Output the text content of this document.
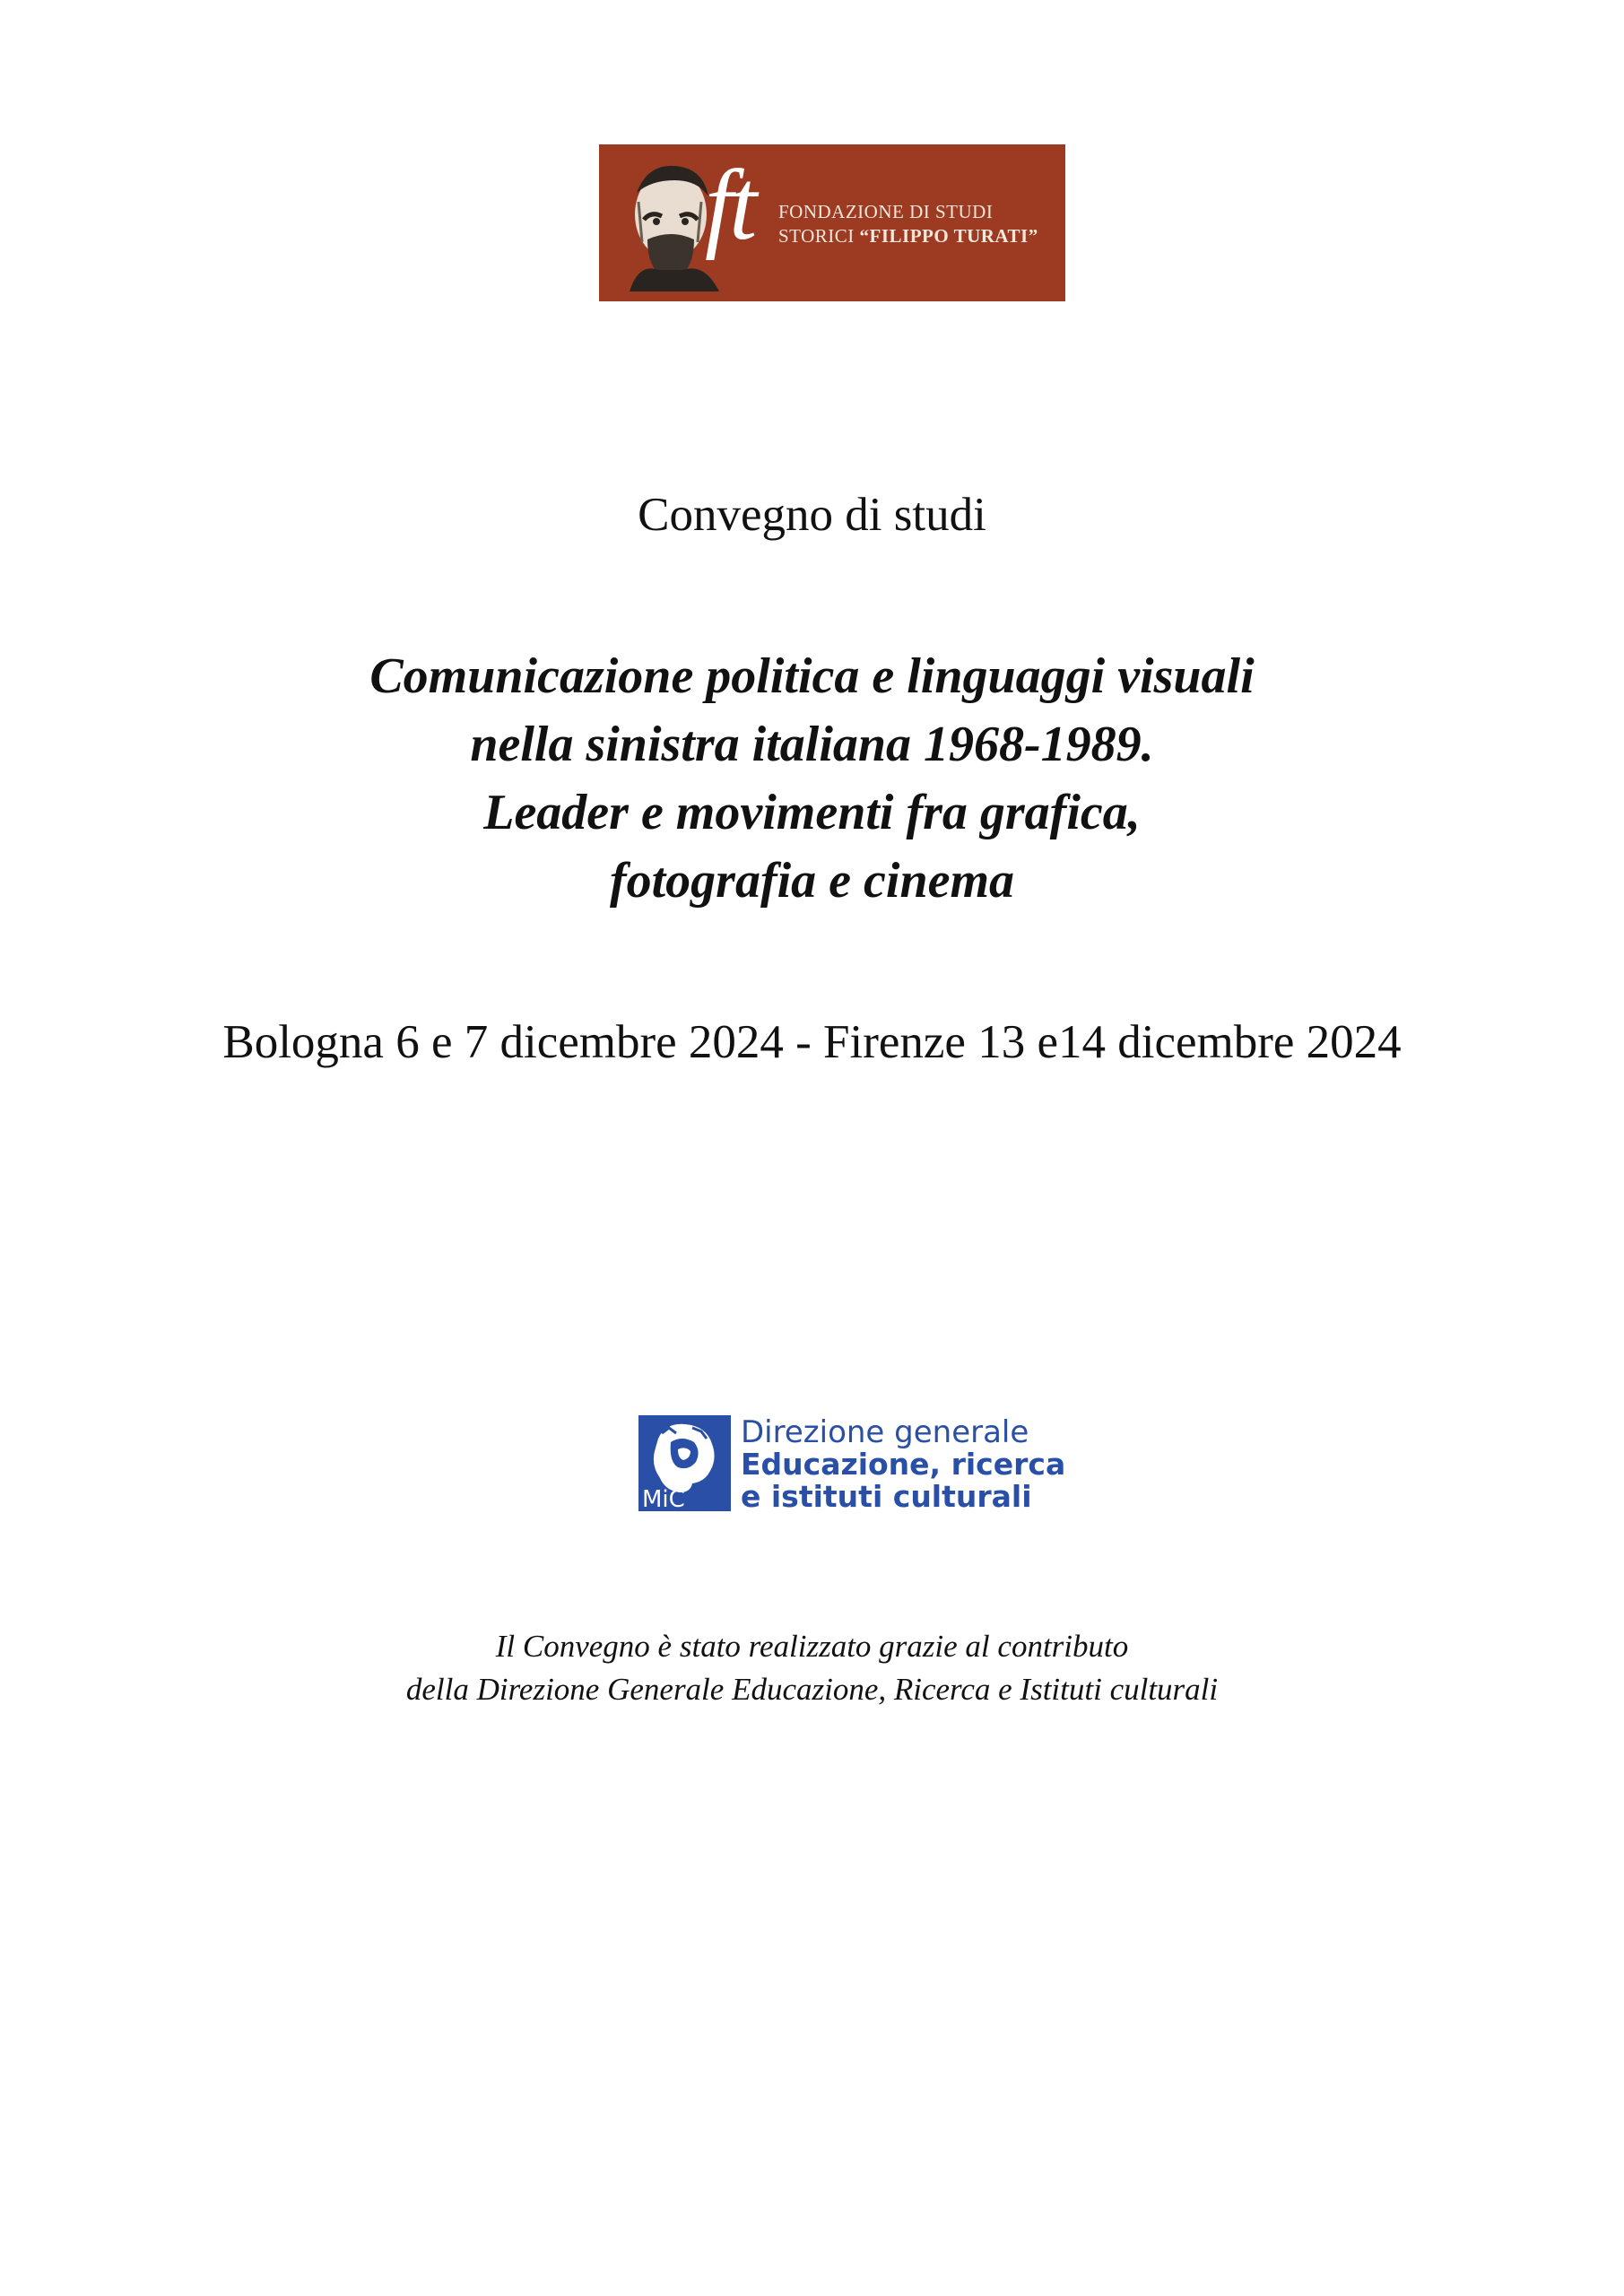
ft FONDAZIONE DI STUDI
STORICI “FILIPPO TURATI”
Convegno di studi
Comunicazione politica e linguaggi visuali
nella sinistra italiana 1968-1989.
Leader e movimenti fra grafica,
fotografia e cinema
Bologna 6 e 7 dicembre 2024 - Firenze 13 e14 dicembre 2024
MiC
Direzione generale
Educazione, ricerca
e istituti culturali
Il Convegno è stato realizzato grazie al contributo
della Direzione Generale Educazione, Ricerca e Istituti culturali
